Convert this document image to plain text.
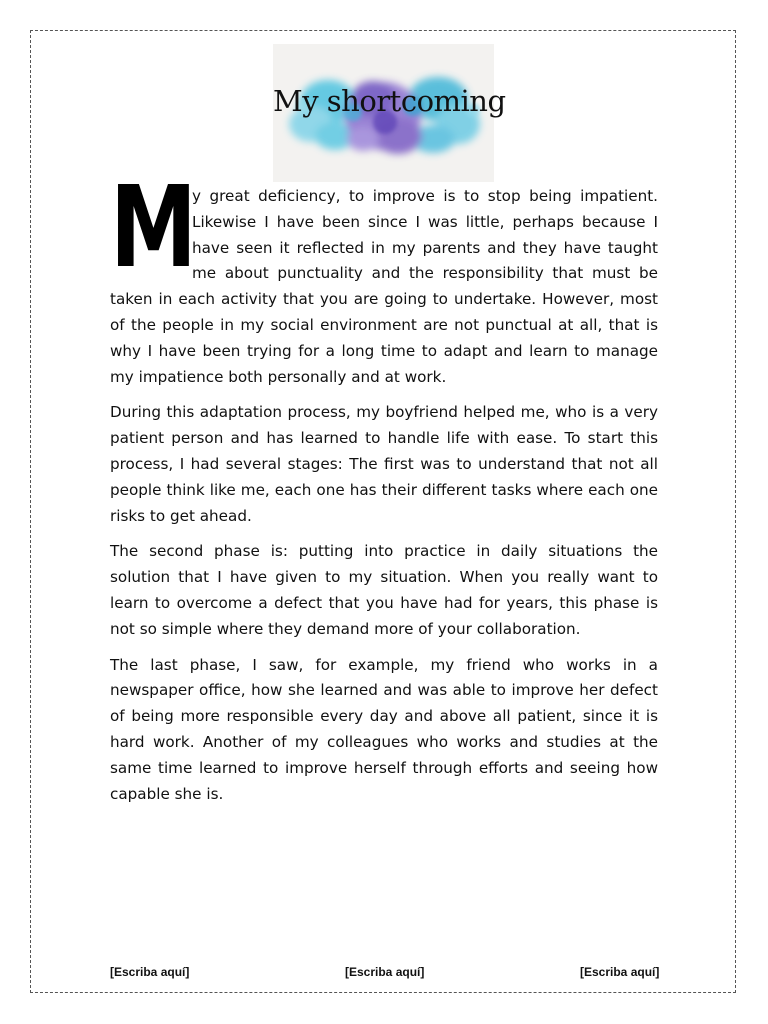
My shortcoming

M
y great deficiency, to improve is to stop being impatient. Likewise I have been since I was little, perhaps because I have seen it reflected in my parents and they have taught me about punctuality and the responsibility that must be taken in each activity that you are going to undertake. However, most of the people in my social environment are not punctual at all, that is why I have been trying for a long time to adapt and learn to manage my impatience both personally and at work.

During this adaptation process, my boyfriend helped me, who is a very patient person and has learned to handle life with ease. To start this process, I had several stages: The first was to understand that not all people think like me, each one has their different tasks where each one risks to get ahead.

The second phase is: putting into practice in daily situations the solution that I have given to my situation. When you really want to learn to overcome a defect that you have had for years, this phase is not so simple where they demand more of your collaboration.

The last phase, I saw, for example, my friend who works in a newspaper office, how she learned and was able to improve her defect of being more responsible every day and above all patient, since it is hard work. Another of my colleagues who works and studies at the same time learned to improve herself through efforts and seeing how capable she is.

[Escriba aquí]	[Escriba aquí]	[Escriba aquí]
